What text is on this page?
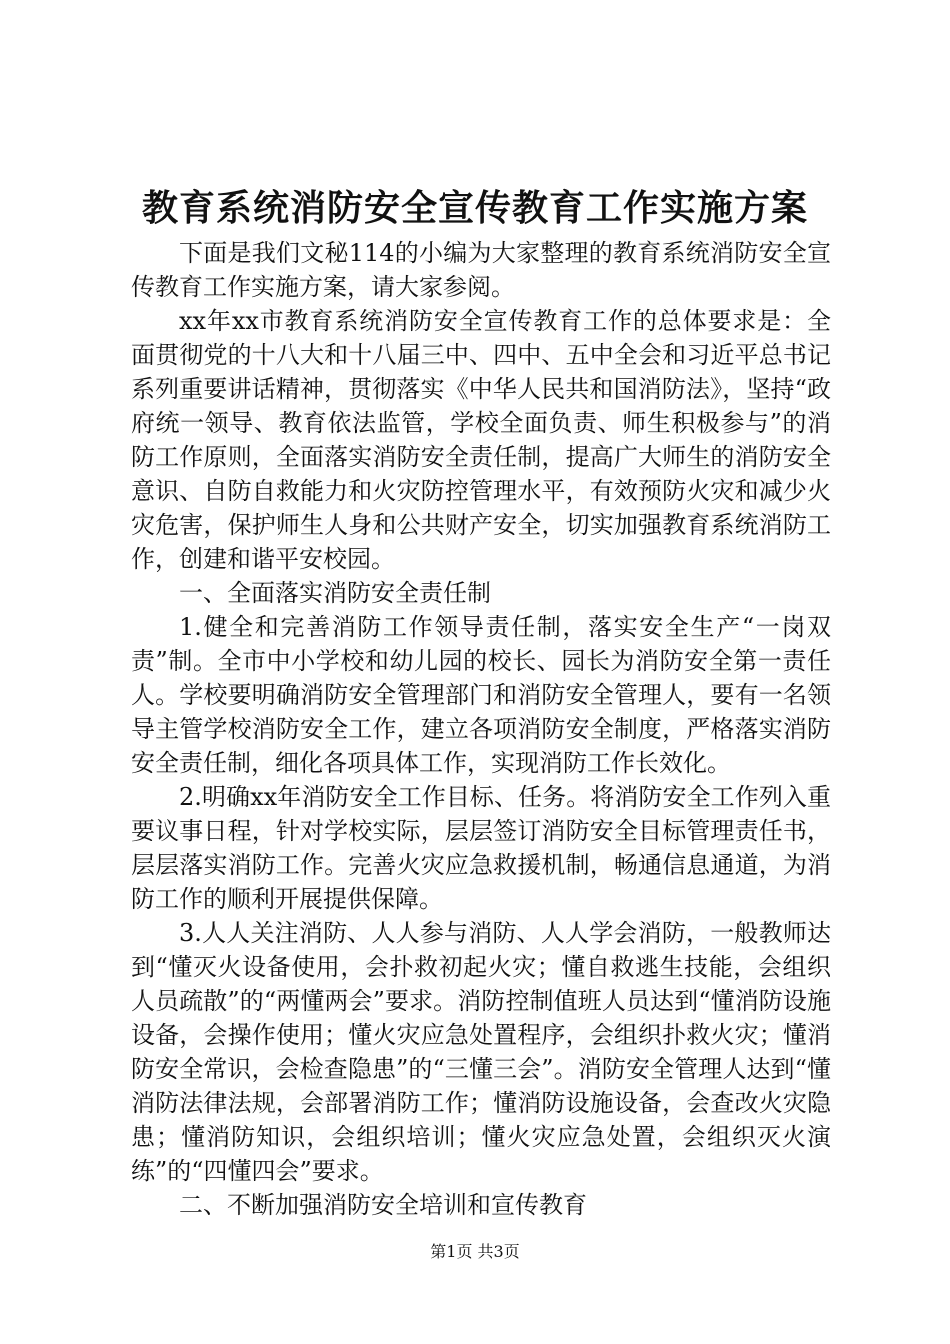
教育系统消防安全宣传教育工作实施方案

下面是我们文秘114的小编为大家整理的教育系统消防安全宣传教育工作实施方案，请大家参阅。

xx年xx市教育系统消防安全宣传教育工作的总体要求是：全面贯彻党的十八大和十八届三中、四中、五中全会和习近平总书记系列重要讲话精神，贯彻落实《中华人民共和国消防法》，坚持“政府统一领导、教育依法监管，学校全面负责、师生积极参与”的消防工作原则，全面落实消防安全责任制，提高广大师生的消防安全意识、自防自救能力和火灾防控管理水平，有效预防火灾和减少火灾危害，保护师生人身和公共财产安全，切实加强教育系统消防工作，创建和谐平安校园。

一、全面落实消防安全责任制

1.健全和完善消防工作领导责任制，落实安全生产“一岗双责”制。全市中小学校和幼儿园的校长、园长为消防安全第一责任人。学校要明确消防安全管理部门和消防安全管理人，要有一名领导主管学校消防安全工作，建立各项消防安全制度，严格落实消防安全责任制，细化各项具体工作，实现消防工作长效化。

2.明确xx年消防安全工作目标、任务。将消防安全工作列入重要议事日程，针对学校实际，层层签订消防安全目标管理责任书，层层落实消防工作。完善火灾应急救援机制，畅通信息通道，为消防工作的顺利开展提供保障。

3.人人关注消防、人人参与消防、人人学会消防，一般教师达到“懂灭火设备使用，会扑救初起火灾；懂自救逃生技能，会组织人员疏散”的“两懂两会”要求。消防控制值班人员达到“懂消防设施设备，会操作使用；懂火灾应急处置程序，会组织扑救火灾；懂消防安全常识，会检查隐患”的“三懂三会”。消防安全管理人达到“懂消防法律法规，会部署消防工作；懂消防设施设备，会查改火灾隐患；懂消防知识，会组织培训；懂火灾应急处置，会组织灭火演练”的“四懂四会”要求。

二、不断加强消防安全培训和宣传教育

第1页 共3页
